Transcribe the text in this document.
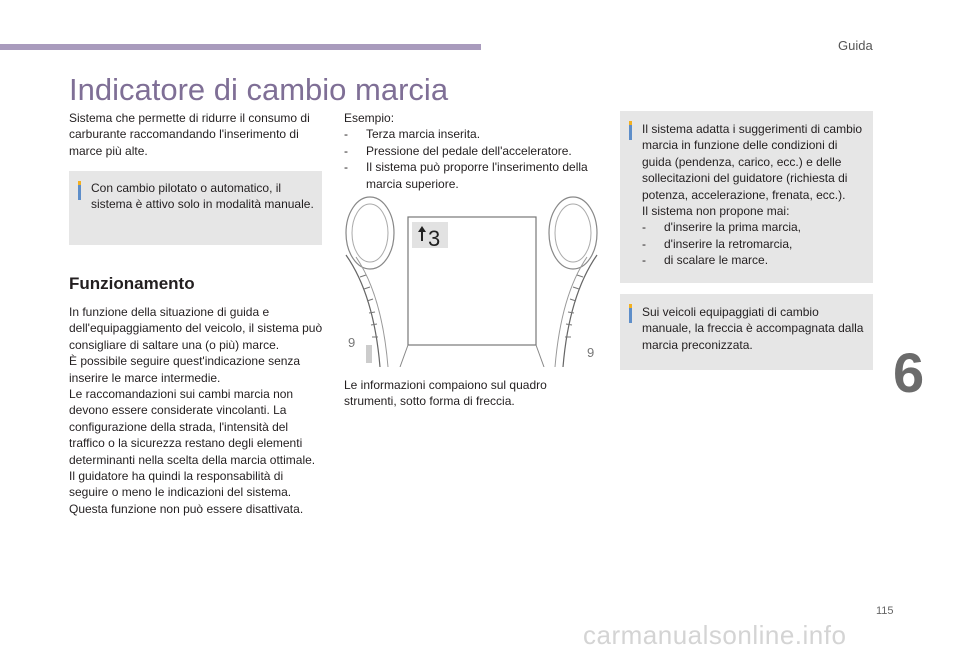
Guida
Indicatore di cambio marcia

Sistema che permette di ridurre il consumo di carburante raccomandando l'inserimento di marce più alte.

Con cambio pilotato o automatico, il sistema è attivo solo in modalità manuale.

Funzionamento

In funzione della situazione di guida e dell'equipaggiamento del veicolo, il sistema può consigliare di saltare una (o più) marce.

È possibile seguire quest'indicazione senza inserire le marce intermedie.

Le raccomandazioni sui cambi marcia non devono essere considerate vincolanti. La configurazione della strada, l'intensità del traffico o la sicurezza restano degli elementi determinanti nella scelta della marcia ottimale.

Il guidatore ha quindi la responsabilità di seguire o meno le indicazioni del sistema.

Questa funzione non può essere disattivata.

Esempio:

- Terza marcia inserita.
- Pressione del pedale dell'acceleratore.
- Il sistema può proporre l'inserimento della marcia superiore.
9
9
3

Le informazioni compaiono sul quadro strumenti, sotto forma di freccia.

Il sistema adatta i suggerimenti di cambio marcia in funzione delle condizioni di guida (pendenza, carico, ecc.) e delle sollecitazioni del guidatore (richiesta di potenza, accelerazione, frenata, ecc.).

Il sistema non propone mai:

- d'inserire la prima marcia,
- d'inserire la retromarcia,
- di scalare le marce.

Sui veicoli equipaggiati di cambio manuale, la freccia è accompagnata dalla marcia preconizzata.	6
115
carmanualsonline.info
